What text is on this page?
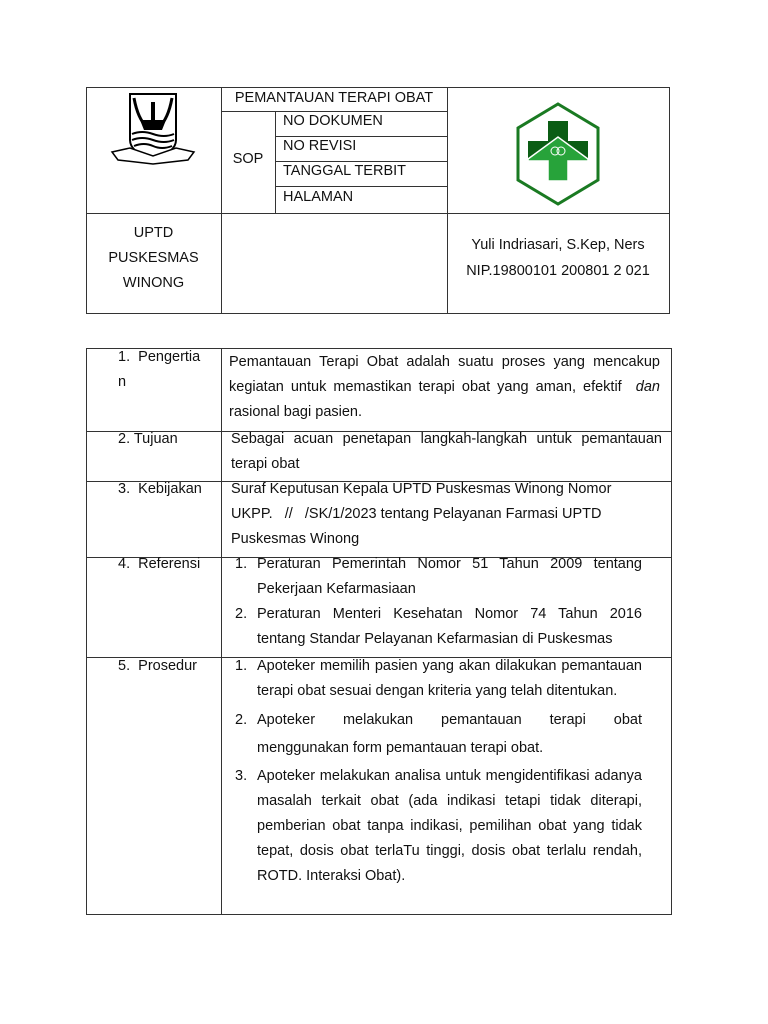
PEMANTAUAN TERAPI OBAT
SOP
NO DOKUMEN
NO REVISI
TANGGAL TERBIT
HALAMAN
UPTD
PUSKESMAS
WINONG
Yuli Indriasari, S.Kep, Ners
NIP.19800101 200801 2 021
1.  Pengertia
n
Pemantauan Terapi Obat adalah suatu proses yang mencakup kegiatan untuk memastikan terapi obat yang aman, efektif dan rasional bagi pasien.
2. Tujuan	Sebagai acuan penetapan langkah-langkah untuk pemantauan terapi obat
3.  Kebijakan Suraf Keputusan Kepala UPTD Puskesmas Winong Nomor UKPP.   //   /SK/1/2023 tentang Pelayanan Farmasi UPTD Puskesmas Winong
4.  Referensi 1. Peraturan Pemerintah Nomor 51 Tahun 2009 tentang Pekerjaan Kefarmasiaan
2. Peraturan Menteri Kesehatan Nomor 74 Tahun 2016 tentang Standar Pelayanan Kefarmasian di Puskesmas
5.  Prosedur	1. Apoteker memilih pasien yang akan dilakukan pemantauan terapi obat sesuai dengan kriteria yang telah ditentukan.
2. Apoteker melakukan pemantauan terapi obat menggunakan form pemantauan terapi obat.
3. Apoteker melakukan analisa untuk mengidentifikasi adanya masalah terkait obat (ada indikasi tetapi tidak diterapi, pemberian obat tanpa indikasi, pemilihan obat yang tidak tepat, dosis obat terlaTu tinggi, dosis obat terlalu rendah, ROTD. Interaksi Obat).
